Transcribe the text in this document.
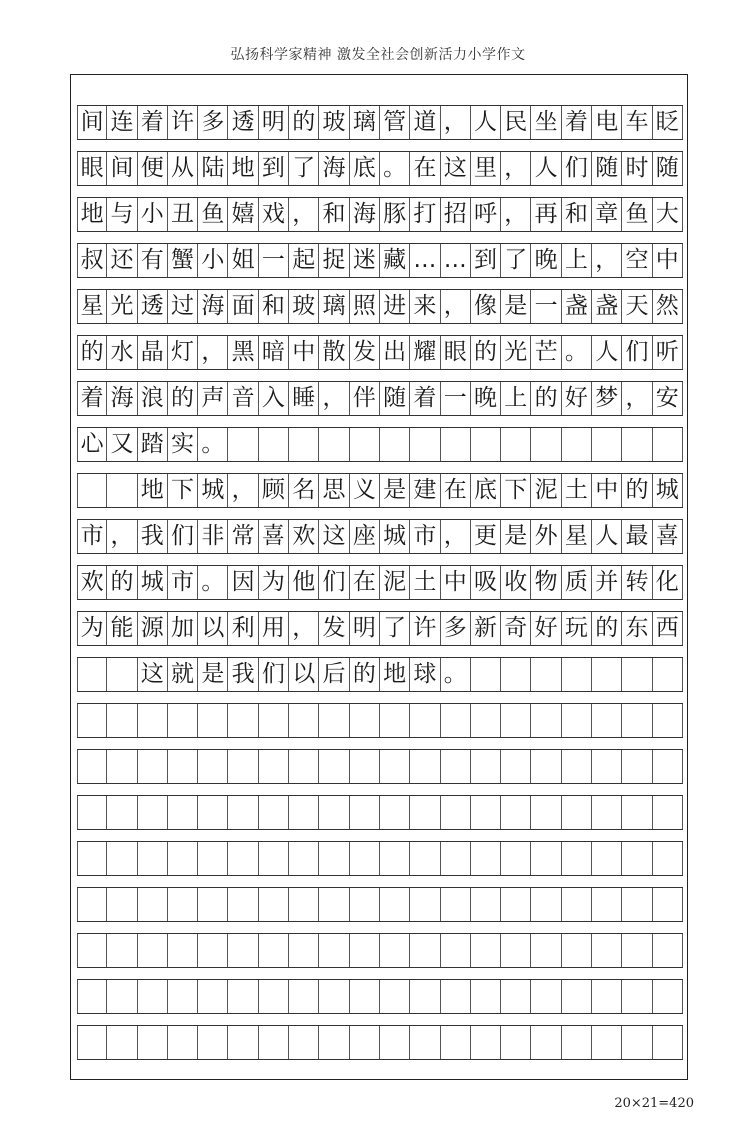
弘扬科学家精神 激发全社会创新活力小学作文
间 连 着 许 多 透 明 的 玻 璃 管 道 ， 人 民 坐 着 电 车 眨
眼 间 便 从 陆 地 到 了 海 底 。 在 这 里 ， 人 们 随 时 随
地 与 小 丑 鱼 嬉 戏 ， 和 海 豚 打 招 呼 ， 再 和 章 鱼 大
叔 还 有 蟹 小 姐 一 起 捉 迷 藏 … … 到 了 晚 上 ， 空 中
星 光 透 过 海 面 和 玻 璃 照 进 来 ， 像 是 一 盏 盏 天 然
的 水 晶 灯 ， 黑 暗 中 散 发 出 耀 眼 的 光 芒 。 人 们 听
着 海 浪 的 声 音 入 睡 ， 伴 随 着 一 晚 上 的 好 梦 ， 安
心 又 踏 实 。
地 下 城 ， 顾 名 思 义 是 建 在 底 下 泥 土 中 的 城
市 ， 我 们 非 常 喜 欢 这 座 城 市 ， 更 是 外 星 人 最 喜
欢 的 城 市 。 因 为 他 们 在 泥 土 中 吸 收 物 质 并 转 化
为 能 源 加 以 利 用 ， 发 明 了 许 多 新 奇 好 玩 的 东 西
这 就 是 我 们 以 后 的 地 球 。
20×21=420
